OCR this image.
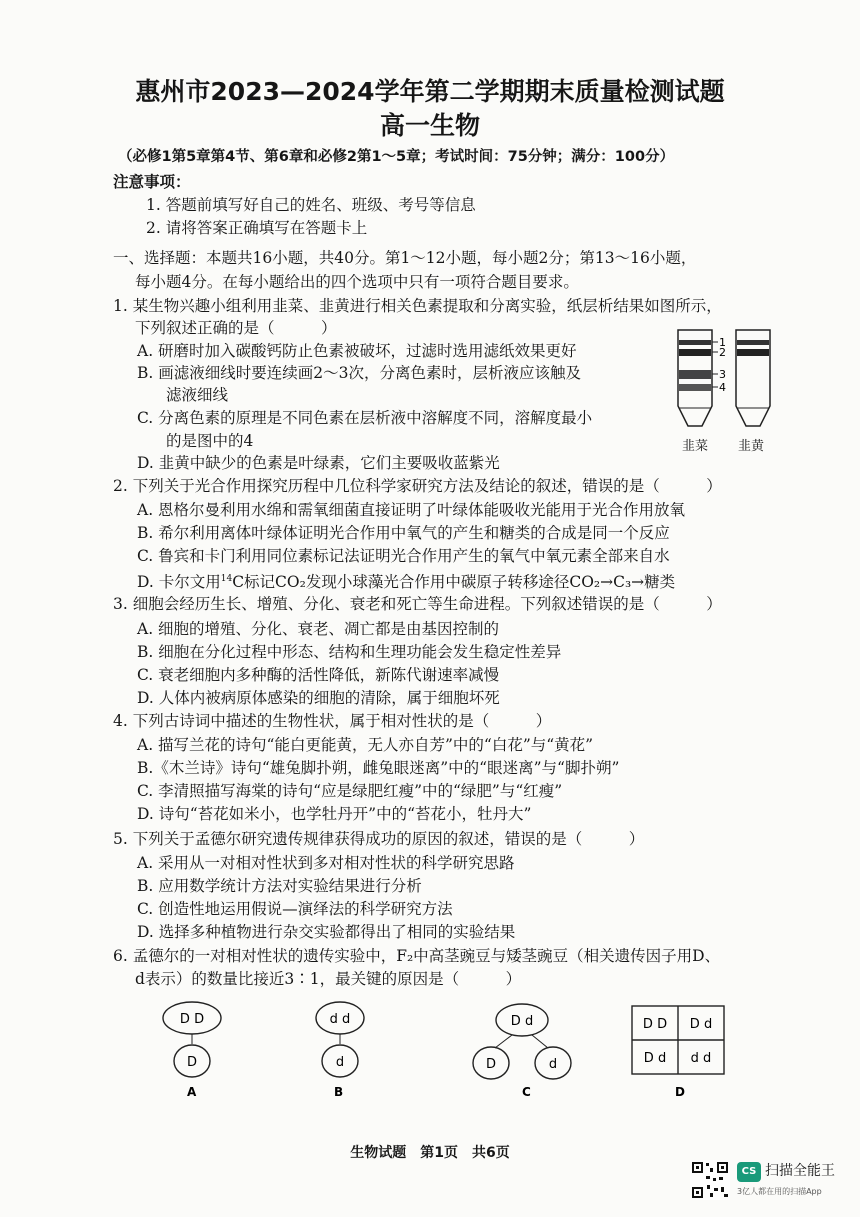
惠州市2023—2024学年第二学期期末质量检测试题
高一生物
（必修1第5章第4节、第6章和必修2第1～5章；考试时间：75分钟；满分：100分）
注意事项：
1. 答题前填写好自己的姓名、班级、考号等信息
2. 请将答案正确填写在答题卡上
一、选择题：本题共16小题，共40分。第1～12小题，每小题2分；第13～16小题，
每小题4分。在每小题给出的四个选项中只有一项符合题目要求。
1. 某生物兴趣小组利用韭菜、韭黄进行相关色素提取和分离实验，纸层析结果如图所示，
下列叙述正确的是（　　　）
A. 研磨时加入碳酸钙防止色素被破坏，过滤时选用滤纸效果更好
B. 画滤液细线时要连续画2～3次，分离色素时，层析液应该触及
滤液细线
C. 分离色素的原理是不同色素在层析液中溶解度不同，溶解度最小
的是图中的4
D. 韭黄中缺少的色素是叶绿素，它们主要吸收蓝紫光
1
2
3
4
韭菜 韭黄
2. 下列关于光合作用探究历程中几位科学家研究方法及结论的叙述，错误的是（　　　）
A. 恩格尔曼利用水绵和需氧细菌直接证明了叶绿体能吸收光能用于光合作用放氧
B. 希尔利用离体叶绿体证明光合作用中氧气的产生和糖类的合成是同一个反应
C. 鲁宾和卡门利用同位素标记法证明光合作用产生的氧气中氧元素全部来自水
D. 卡尔文用$^{14}$C标记CO₂发现小球藻光合作用中碳原子转移途径CO₂→C₃→糖类
3. 细胞会经历生长、增殖、分化、衰老和死亡等生命进程。下列叙述错误的是（　　　）
A. 细胞的增殖、分化、衰老、凋亡都是由基因控制的
B. 细胞在分化过程中形态、结构和生理功能会发生稳定性差异
C. 衰老细胞内多种酶的活性降低，新陈代谢速率减慢
D. 人体内被病原体感染的细胞的清除，属于细胞坏死
4. 下列古诗词中描述的生物性状，属于相对性状的是（　　　）
A. 描写兰花的诗句“能白更能黄，无人亦自芳”中的“白花”与“黄花”
B.《木兰诗》诗句“雄兔脚扑朔，雌兔眼迷离”中的“眼迷离”与“脚扑朔”
C. 李清照描写海棠的诗句“应是绿肥红瘦”中的“绿肥”与“红瘦”
D. 诗句“苔花如米小，也学牡丹开”中的“苔花小，牡丹大”
5. 下列关于孟德尔研究遗传规律获得成功的原因的叙述，错误的是（　　　）
A. 采用从一对相对性状到多对相对性状的科学研究思路
B. 应用数学统计方法对实验结果进行分析
C. 创造性地运用假说—演绎法的科学研究方法
D. 选择多种植物进行杂交实验都得出了相同的实验结果
6. 孟德尔的一对相对性状的遗传实验中，F₂中高茎豌豆与矮茎豌豆（相关遗传因子用D、
d表示）的数量比接近3∶1，最关键的原因是（　　　）
D D
D
A
d d
d
B
D d
D	d
C
D D D d
D d d d
D
生物试题　第1页　共6页
CS 扫描全能王
3亿人都在用的扫描App
